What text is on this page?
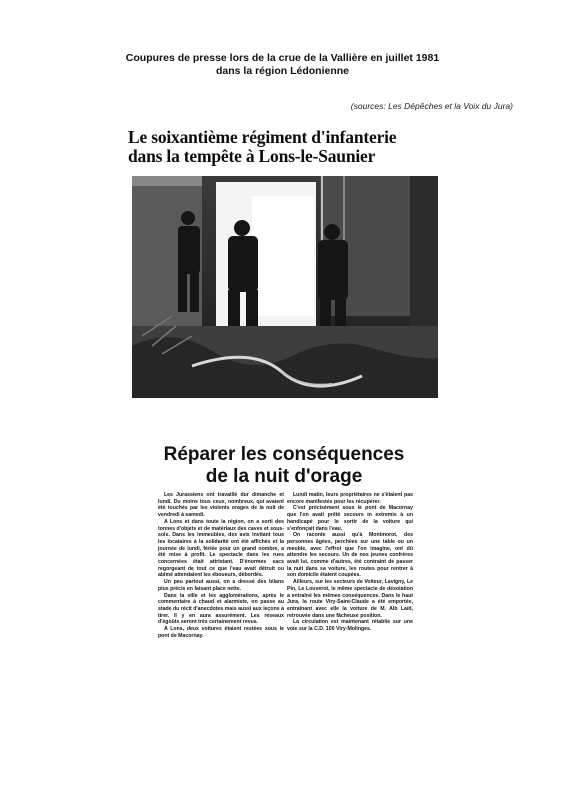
Coupures de presse lors de la crue de la Vallière en juillet 1981
dans la région Lédonienne
(sources: Les Dépêches et la Voix du Jura)
Le soixantième régiment d'infanterie
dans la tempête à Lons-le-Saunier
Réparer les conséquences
de la nuit d'orage

Les Jurassiens ont travaillé dur dimanche et lundi. Du moins tous ceux, nombreux, qui avaient été touchés par les violents orages de la nuit de vendredi à samedi.

A Lons et dans toute la région, on a sorti des tonnes d'objets et de matériaux des caves et sous-sols. Dans les immeubles, des avis invitant tous les locataires à la solidarité ont été affichés et la journée de lundi, fériée pour un grand nombre, a été mise à profit. Le spectacle dans les rues concernées était attristant. D'énormes sacs regorgeant de tout ce que l'eau avait détruit ou abîmé attendaient les éboueurs, débordés.

Un peu partout aussi, on a dressé des bilans plus précis en faisant place nette.

Dans la ville et les agglomérations, après le commentaire à chaud et alarmiste, on passe au stade du récit d'anecdotes mais aussi aux leçons à tirer. Il y en aura assurément. Les réseaux d'égoûts seront très certainement revus.

A Lons, deux voitures étaient restées sous le pont de Macornay.

Lundi matin, leurs propriétaires ne s'étaient pas encore manifestés pour les récupérer.

C'est précisément sous le pont de Macornay que l'on avait prêté secours in extremis à un handicapé pour le sortir de la voiture qui s'enfonçait dans l'eau.

On raconte aussi qu'à Montmorot, des personnes âgées, perchées sur une table ou un meuble, avec l'effroi que l'on imagine, ont dû attendre les secours. Un de nos jeunes confrères avait lui, comme d'autres, été contraint de passer la nuit dans sa voiture, les routes pour rentrer à son domicile étaient coupées.

Ailleurs, sur les secteurs de Voiteur, Lavigny, Le Pin, Le Louverot, le même spectacle de désolation a entraîné les mêmes conséquences. Dans le haut Jura, la route Viry-Saint-Claude a été emportée, entraînant avec elle la voiture de M. Alb Laïd, retrouvée dans une fâcheuse position.

La circulation est maintenant rétablie sur une voie sur la C.D. 100 Viry-Molinges.
